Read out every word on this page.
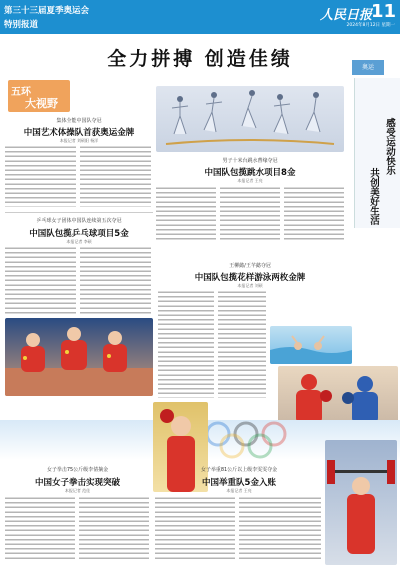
第三十三届夏季奥运会
特别报道
人民日报
11
2024年8月12日 星期一
全力拼搏 创造佳绩
五环
大视野
奥运
感受运动快乐
共创美好生活
集体全能中国队夺冠
中国艺术体操队首获奥运金牌
本报记者 刘硕阳 杨洋
男子十米台跳水曹缘夺冠
中国队包揽跳水项目8金
本报记者 王亮
乒乓球女子团体中国队连续第五次夺冠
中国队包揽乒乓球项目5金
本报记者 李硕
王柳懿/王芊懿夺冠
中国队包揽花样游泳两枚金牌
本报记者 刘硕
女子拳击75公斤级李倩摘金
中国女子拳击实现突破
本报记者 范佳
女子举重81公斤以上级李雯雯夺金
中国举重队5金入账
本报记者 王亮
